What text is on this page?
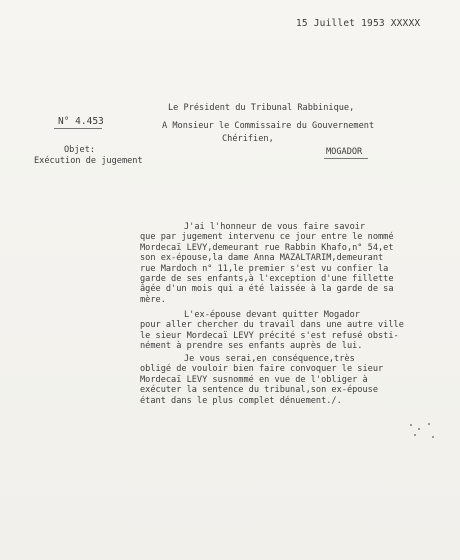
15 Juillet 1953 XXXXX
N° 4.453
Objet:
Exécution de jugement
Le Président du Tribunal Rabbinique,
A Monsieur le Commissaire du Gouvernement
Chérifien,
MOGADOR
J'ai l'honneur de vous faire savoir
que par jugement intervenu ce jour entre le nommé
Mordecaï LEVY,demeurant rue Rabbin Khafo,n° 54,et
son ex-épouse,la dame Anna MAZALTARIM,demeurant
rue Mardoch n° 11,le premier s'est vu confier la
garde de ses enfants,à l'exception d'une fillette
âgée d'un mois qui a été laissée à la garde de sa
mère.
L'ex-épouse devant quitter Mogador
pour aller chercher du travail dans une autre ville
le sieur Mordecaï LEVY précité s'est refusé obsti-
nément à prendre ses enfants auprès de lui.
Je vous serai,en conséquence,très
obligé de vouloir bien faire convoquer le sieur
Mordecaï LEVY susnommé en vue de l'obliger à
exécuter la sentence du tribunal,son ex-épouse
étant dans le plus complet dénuement./.
